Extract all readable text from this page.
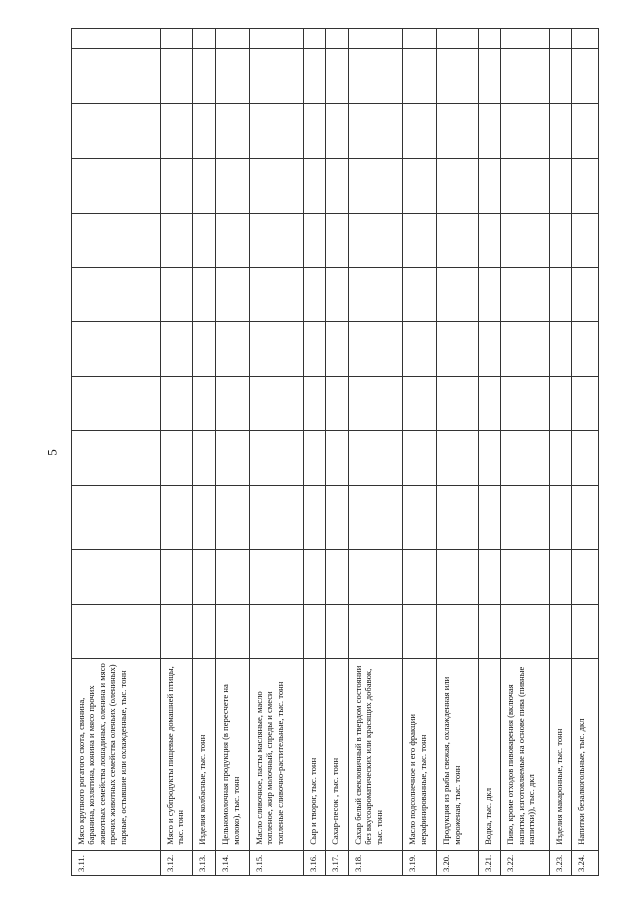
5
3.11.	Мясо крупного рогатого скота, свинина, баранина, козлятина, конина и мясо прочих животных семейства лошадиных, оленина и мясо прочих животных семейства оленьих (олениных) парные, остывшие или охлажденные, тыс. тонн												
3.12.	Мясо и субпродукты пищевые домашней птицы, тыс. тонн												
3.13.	Изделия колбасные, тыс. тонн												
3.14.	Цельномолочная продукция (в пересчете на молоко), тыс. тонн												
3.15.	Масло сливочное, пасты масляные, масло топленое, жир молочный, спреды и смеси топленые сливочно-растительные, тыс. тонн												
3.16.	Сыр и творог, тыс. тонн												
3.17.	Сахар-песок , тыс. тонн												
3.18.	Сахар белый свекловичный в твердом состоянии без вкусоароматических или красящих добавок, тыс. тонн												
3.19.	Масло подсолнечное и его фракции нерафинированные, тыс. тонн												
3.20.	Продукция из рыбы свежая, охлажденная или мороженая, тыс. тонн												
3.21.	Водка, тыс. дкл												
3.22.	Пиво, кроме отходов пивоварения (включая напитки, изготовляемые на основе пива (пивные напитки)), тыс. дкл												
3.23.	Изделия макаронные, тыс. тонн												
3.24.	Напитки безалкогольные, тыс. дкл												
